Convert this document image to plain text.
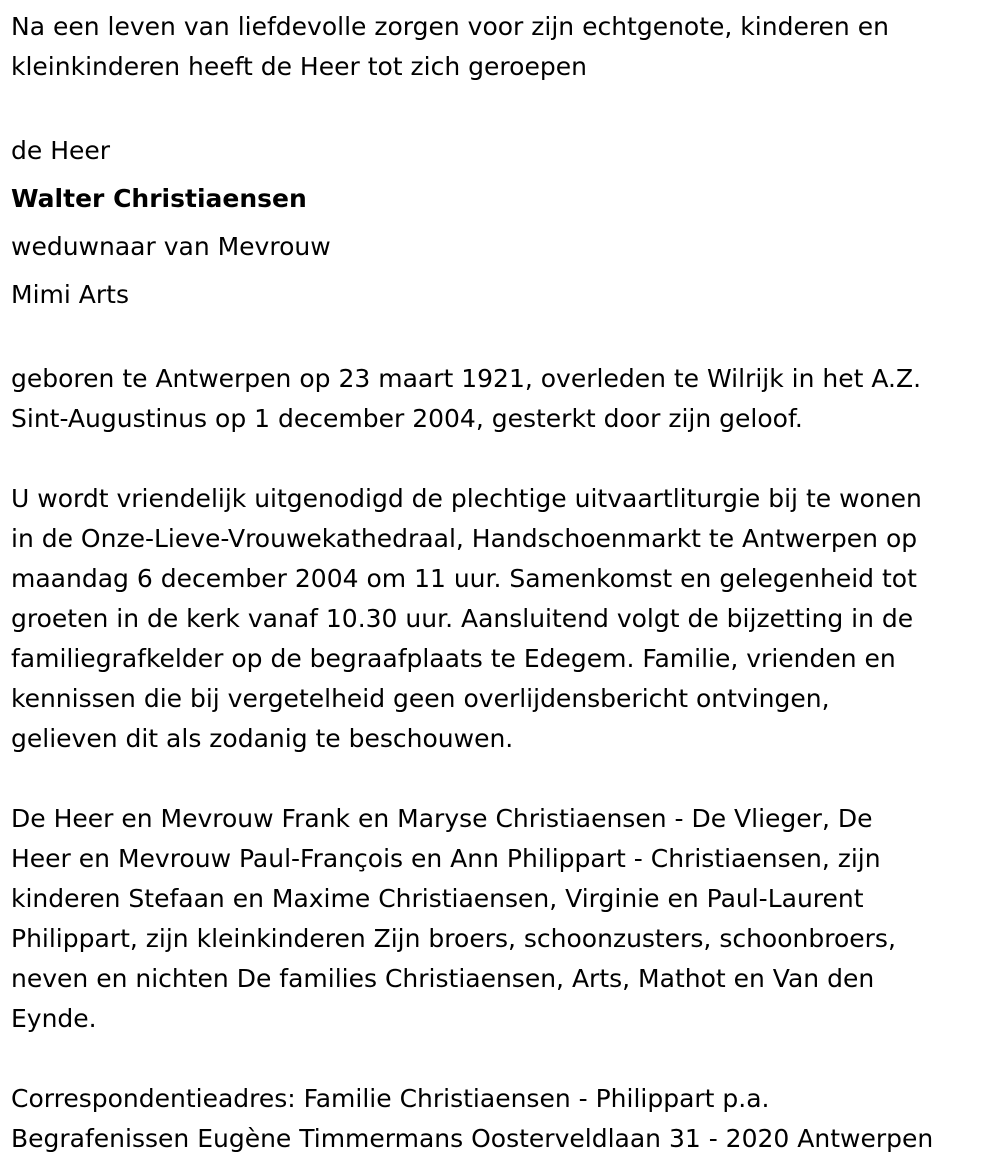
Na een leven van liefdevolle zorgen voor zijn echtgenote, kinderen en
kleinkinderen heeft de Heer tot zich geroepen
de Heer
Walter Christiaensen
weduwnaar van Mevrouw
Mimi Arts
geboren te Antwerpen op 23 maart 1921, overleden te Wilrijk in het A.Z.
Sint-Augustinus op 1 december 2004, gesterkt door zijn geloof.
U wordt vriendelijk uitgenodigd de plechtige uitvaartliturgie bij te wonen
in de Onze-Lieve-Vrouwekathedraal, Handschoenmarkt te Antwerpen op
maandag 6 december 2004 om 11 uur. Samenkomst en gelegenheid tot
groeten in de kerk vanaf 10.30 uur. Aansluitend volgt de bijzetting in de
familiegrafkelder op de begraafplaats te Edegem. Familie, vrienden en
kennissen die bij vergetelheid geen overlijdensbericht ontvingen,
gelieven dit als zodanig te beschouwen.
De Heer en Mevrouw Frank en Maryse Christiaensen - De Vlieger, De
Heer en Mevrouw Paul-François en Ann Philippart - Christiaensen, zijn
kinderen Stefaan en Maxime Christiaensen, Virginie en Paul-Laurent
Philippart, zijn kleinkinderen Zijn broers, schoonzusters, schoonbroers,
neven en nichten De families Christiaensen, Arts, Mathot en Van den
Eynde.
Correspondentieadres: Familie Christiaensen - Philippart p.a.
Begrafenissen Eugène Timmermans Oosterveldlaan 31 - 2020 Antwerpen
